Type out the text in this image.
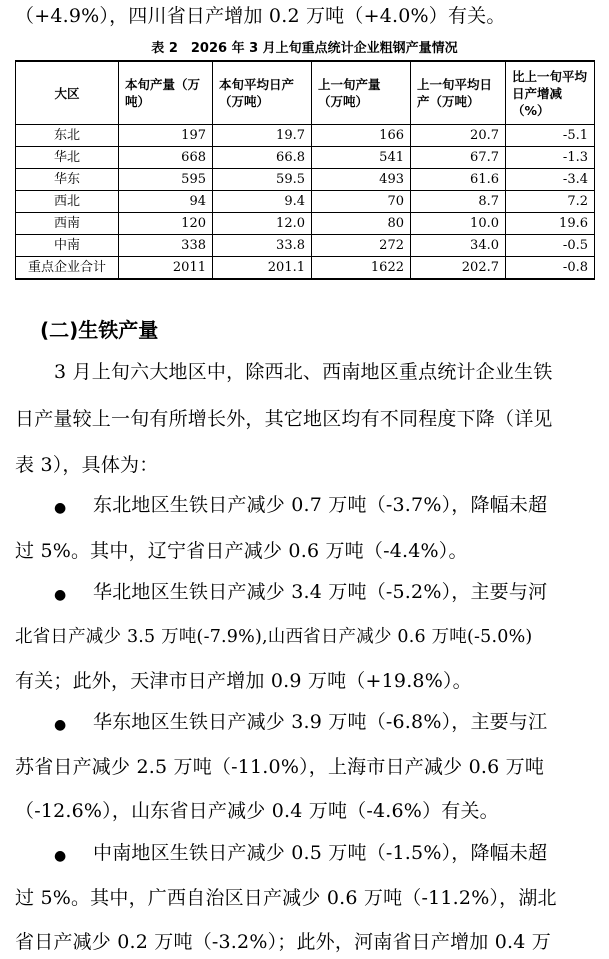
（+4.9%），四川省日产增加 0.2 万吨（+4.0%）有关。
表 2　2026 年 3 月上旬重点统计企业粗钢产量情况
大区	本旬产量（万吨）	本旬平均日产（万吨）	上一旬产量（万吨）	上一旬平均日产（万吨）	比上一旬平均日产增减（%）
东北	197	19.7	166	20.7	-5.1
华北	668	66.8	541	67.7	-1.3
华东	595	59.5	493	61.6	-3.4
西北	94	9.4	70	8.7	7.2
西南	120	12.0	80	10.0	19.6
中南	338	33.8	272	34.0	-0.5
重点企业合计	2011	201.1	1622	202.7	-0.8
(二)生铁产量
3 月上旬六大地区中，除西北、西南地区重点统计企业生铁
日产量较上一旬有所增长外，其它地区均有不同程度下降（详见
表 3），具体为：
● 东北地区生铁日产减少 0.7 万吨（-3.7%），降幅未超
过 5%。其中，辽宁省日产减少 0.6 万吨（-4.4%）。
● 华北地区生铁日产减少 3.4 万吨（-5.2%），主要与河
北省日产减少 3.5 万吨(-7.9%),山西省日产减少 0.6 万吨(-5.0%)
有关；此外，天津市日产增加 0.9 万吨（+19.8%）。
● 华东地区生铁日产减少 3.9 万吨（-6.8%），主要与江
苏省日产减少 2.5 万吨（-11.0%），上海市日产减少 0.6 万吨
（-12.6%），山东省日产减少 0.4 万吨（-4.6%）有关。
● 中南地区生铁日产减少 0.5 万吨（-1.5%），降幅未超
过 5%。其中，广西自治区日产减少 0.6 万吨（-11.2%），湖北
省日产减少 0.2 万吨（-3.2%）；此外，河南省日产增加 0.4 万
